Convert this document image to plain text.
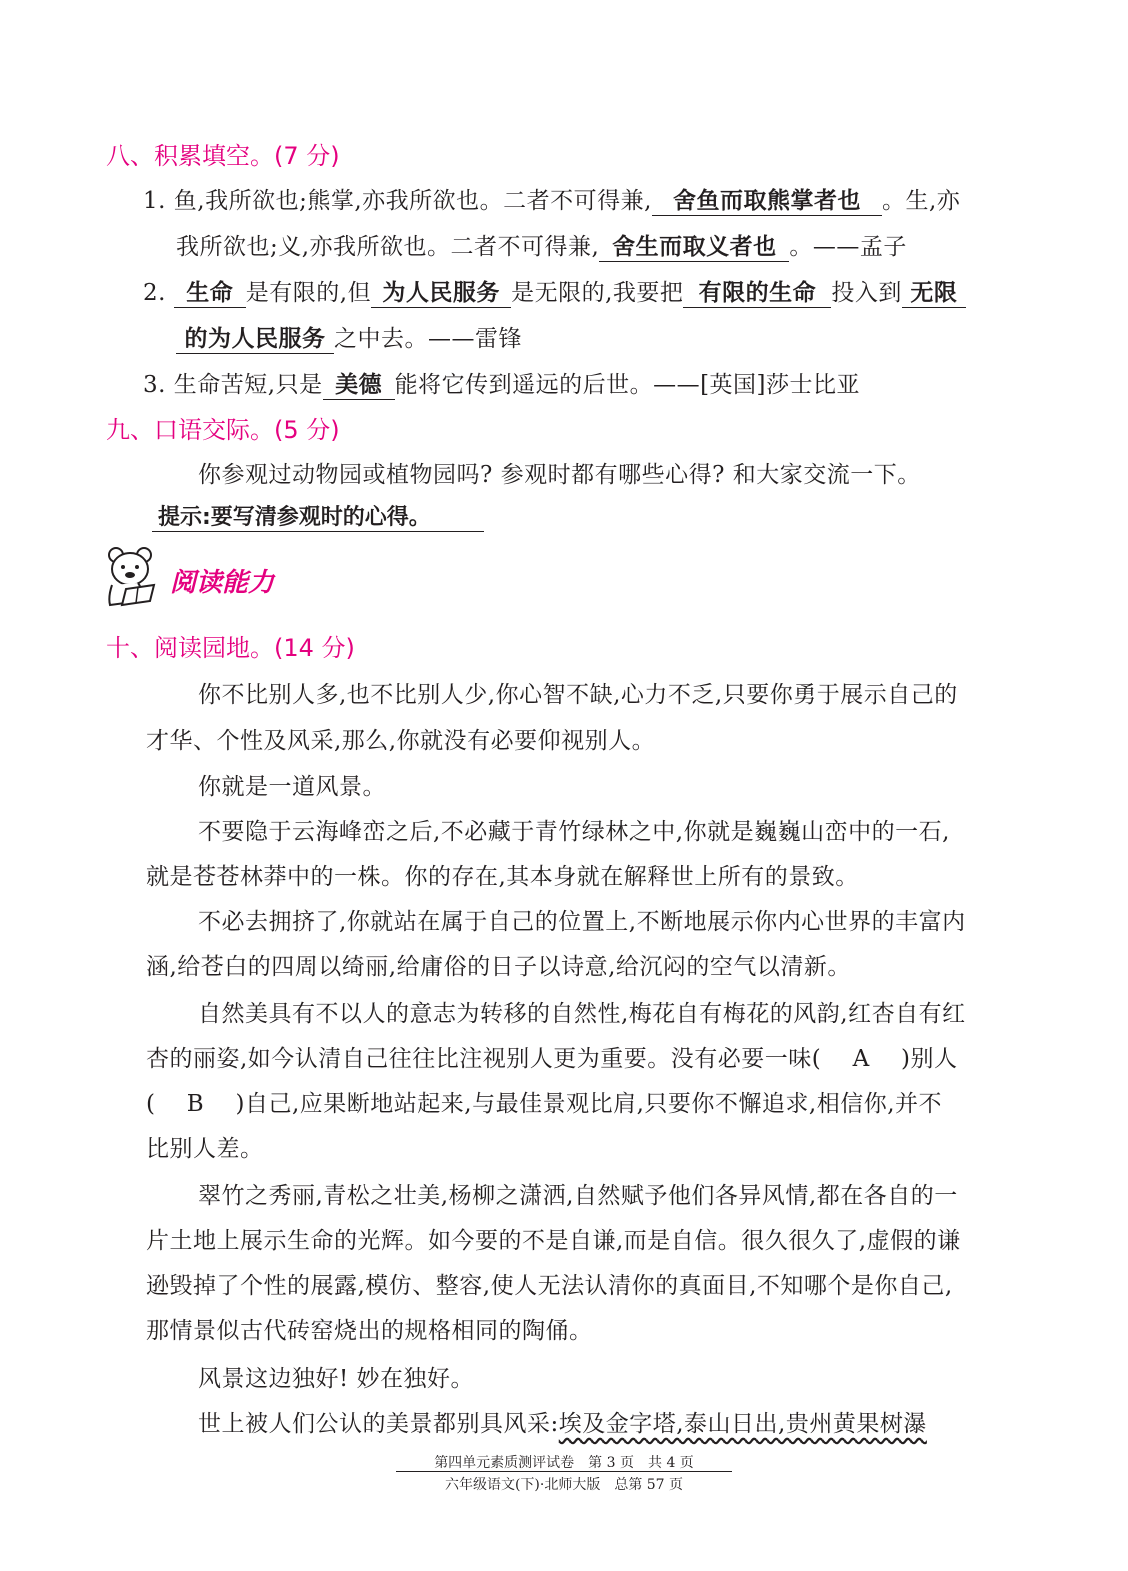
八、积累填空。(7 分)
1. 鱼,我所欲也;熊掌,亦我所欲也。二者不可得兼, 舍鱼而取熊掌者也 。生,亦
我所欲也;义,亦我所欲也。二者不可得兼, 舍生而取义者也 。——孟子
2. 生命 是有限的,但 为人民服务 是无限的,我要把 有限的生命 投入到 无限
的为人民服务 之中去。——雷锋
3. 生命苦短,只是 美德 能将它传到遥远的后世。——[英国]莎士比亚
九、口语交际。(5 分)
你参观过动物园或植物园吗? 参观时都有哪些心得? 和大家交流一下。
提示:要写清参观时的心得。
阅读能力
十、阅读园地。(14 分)
你不比别人多,也不比别人少,你心智不缺,心力不乏,只要你勇于展示自己的
才华、个性及风采,那么,你就没有必要仰视别人。
你就是一道风景。
不要隐于云海峰峦之后,不必藏于青竹绿林之中,你就是巍巍山峦中的一石,
就是苍苍林莽中的一株。你的存在,其本身就在解释世上所有的景致。
不必去拥挤了,你就站在属于自己的位置上,不断地展示你内心世界的丰富内
涵,给苍白的四周以绮丽,给庸俗的日子以诗意,给沉闷的空气以清新。
自然美具有不以人的意志为转移的自然性,梅花自有梅花的风韵,红杏自有红
杏的丽姿,如今认清自己往往比注视别人更为重要。没有必要一味(　 A 　)别人
(　 B 　)自己,应果断地站起来,与最佳景观比肩,只要你不懈追求,相信你,并不
比别人差。
翠竹之秀丽,青松之壮美,杨柳之潇洒,自然赋予他们各异风情,都在各自的一
片土地上展示生命的光辉。如今要的不是自谦,而是自信。很久很久了,虚假的谦
逊毁掉了个性的展露,模仿、整容,使人无法认清你的真面目,不知哪个是你自己,
那情景似古代砖窑烧出的规格相同的陶俑。
风景这边独好! 妙在独好。
世上被人们公认的美景都别具风采:埃及金字塔,泰山日出,贵州黄果树瀑
第四单元素质测评试卷　第 3 页　共 4 页
六年级语文(下)·北师大版　总第 57 页
